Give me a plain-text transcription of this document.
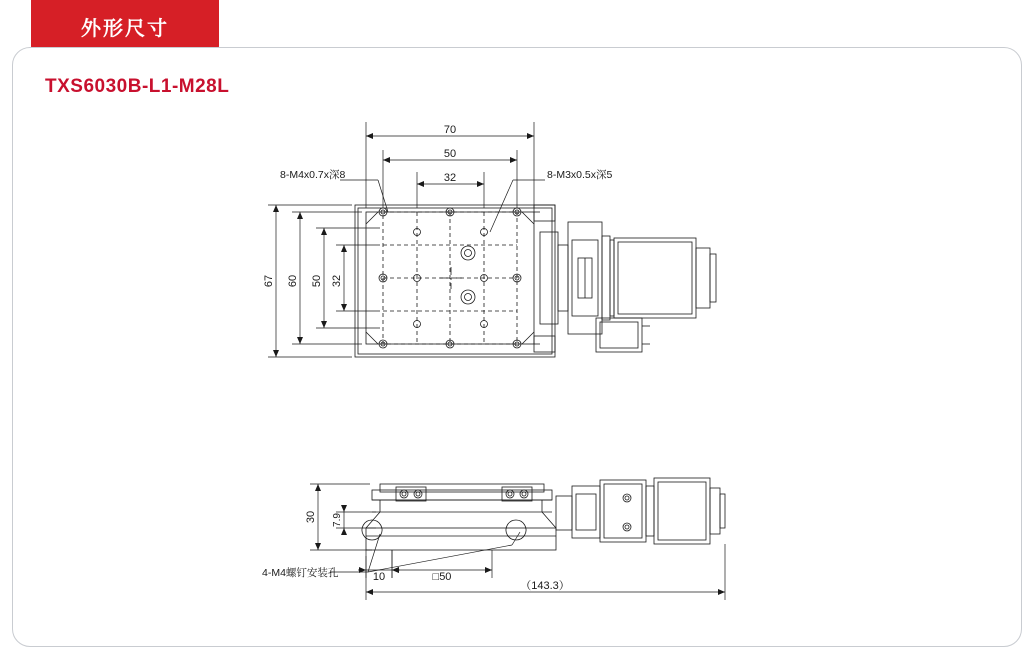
外形尺寸
TXS6030B-L1-M28L
70
50
32
67 60 50 32
8-M4x0.7x深8	8-M3x0.5x深5
30 7.9
10	□50
（143.3）
4-M4螺钉安装孔
